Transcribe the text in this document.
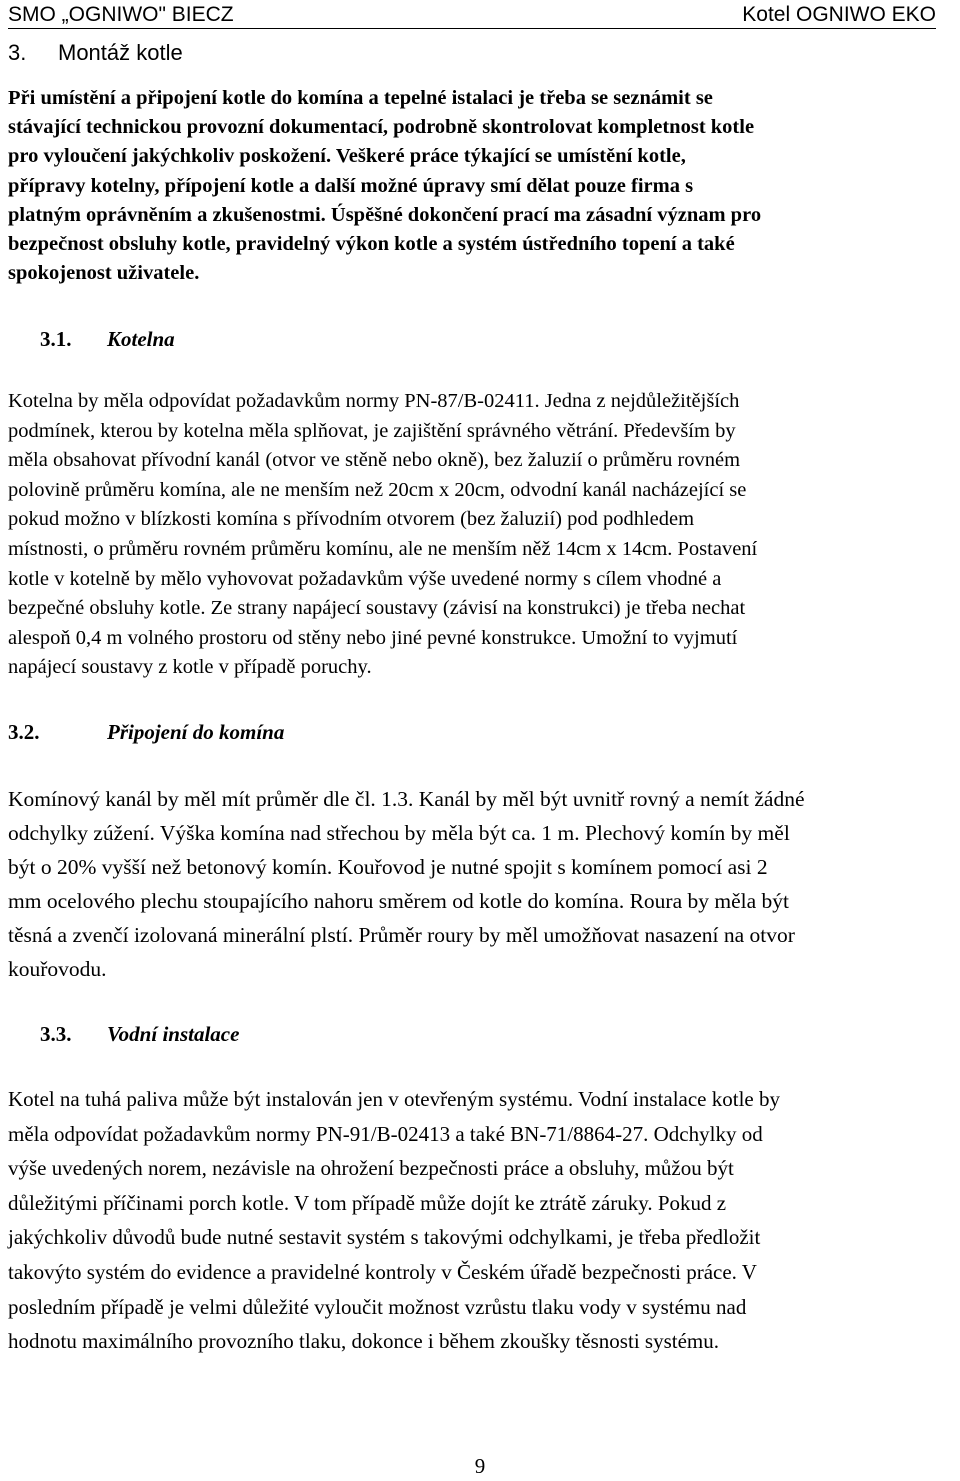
SMO „OGNIWO" BIECZ	Kotel OGNIWO EKO
3. Montáž kotle
Při umístění a připojení kotle do komína a tepelné istalaci je třeba se seznámit se
stávající technickou provozní dokumentací, podrobně skontrolovat kompletnost kotle
pro vyloučení jakýchkoliv poskožení. Veškeré práce týkající se umístění kotle,
přípravy kotelny, přípojení kotle a další možné úpravy smí dělat pouze firma s
platným oprávněním a zkušenostmi. Úspěšné dokončení prací ma zásadní význam pro
bezpečnost obsluhy kotle, pravidelný výkon kotle a systém ústředního topení a také
spokojenost uživatele.
3.1. Kotelna
Kotelna by měla odpovídat požadavkům normy PN-87/B-02411. Jedna z nejdůležitějších
podmínek, kterou by kotelna měla splňovat, je zajištění správného větrání. Především by
měla obsahovat přívodní kanál (otvor ve stěně nebo okně), bez žaluzií o průměru rovném
polovině průměru komína, ale ne menším než 20cm x 20cm, odvodní kanál nacházející se
pokud možno v blízkosti komína s přívodním otvorem (bez žaluzií) pod podhledem
místnosti, o průměru rovném průměru komínu, ale ne menším něž 14cm x 14cm. Postavení
kotle v kotelně by mělo vyhovovat požadavkům výše uvedené normy s cílem vhodné a
bezpečné obsluhy kotle. Ze strany napájecí soustavy (závisí na konstrukci) je třeba nechat
alespoň 0,4 m volného prostoru od stěny nebo jiné pevné konstrukce. Umožní to vyjmutí
napájecí soustavy z kotle v případě poruchy.
3.2.	Připojení do komína
Komínový kanál by měl mít průměr dle čl. 1.3. Kanál by měl být uvnitř rovný a nemít žádné
odchylky zúžení. Výška komína nad střechou by měla být ca. 1 m. Plechový komín by měl
být o 20% vyšší než betonový komín. Kouřovod je nutné spojit s komínem pomocí asi 2
mm ocelového plechu stoupajícího nahoru směrem od kotle do komína. Roura by měla být
těsná a zvenčí izolovaná minerální plstí. Průměr roury by měl umožňovat nasazení na otvor
kouřovodu.
3.3. Vodní instalace
Kotel na tuhá paliva může být instalován jen v otevřeným systému. Vodní instalace kotle by
měla odpovídat požadavkům normy PN-91/B-02413 a také BN-71/8864-27. Odchylky od
výše uvedených norem, nezávisle na ohrožení bezpečnosti práce a obsluhy, můžou být
důležitými příčinami porch kotle. V tom případě může dojít ke ztrátě záruky. Pokud z
jakýchkoliv důvodů bude nutné sestavit systém s takovými odchylkami, je třeba předložit
takovýto systém do evidence a pravidelné kontroly v Českém úřadě bezpečnosti práce. V
posledním případě je velmi důležité vyloučit možnost vzrůstu tlaku vody v systému nad
hodnotu maximálního provozního tlaku, dokonce i během zkoušky těsnosti systému.
9
